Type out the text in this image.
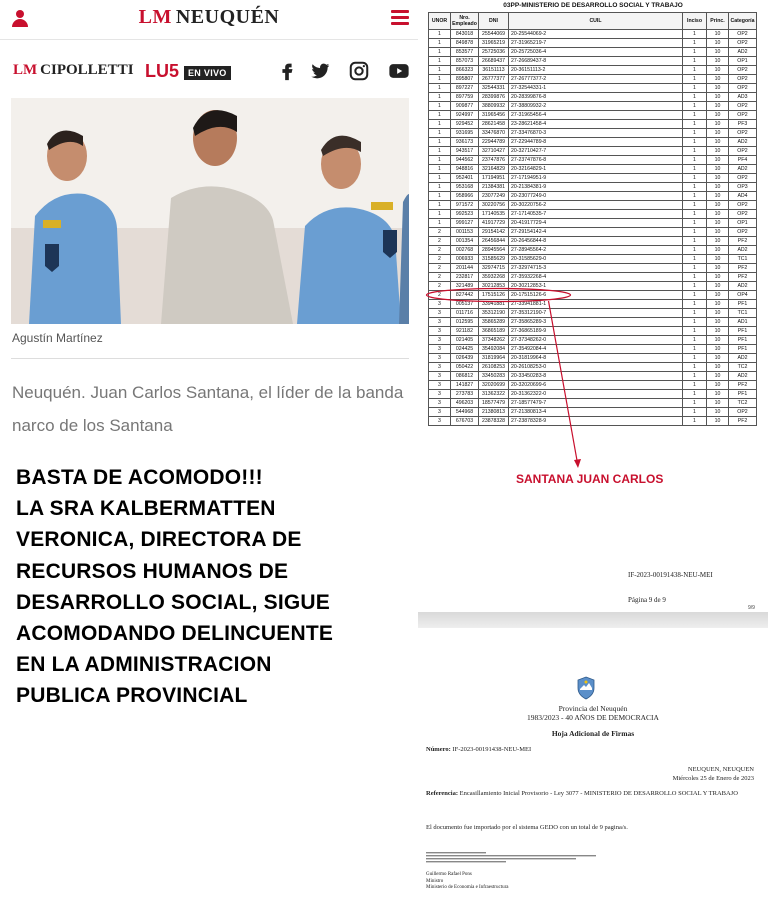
LM NEUQUÉN
LM CIPOLLETTI LU5 EN VIVO
Agustín Martínez
Neuquén. Juan Carlos Santana, el líder de la banda narco de los Santana
BASTA DE ACOMODO!!!
LA SRA KALBERMATTEN
VERONICA, DIRECTORA DE
RECURSOS HUMANOS DE
DESARROLLO SOCIAL, SIGUE
ACOMODANDO DELINCUENTE
EN LA ADMINISTRACION
PUBLICA PROVINCIAL
03PP-MINISTERIO DE DESARROLLO SOCIAL Y TRABAJO
UNOR	Nro. Empleado	DNI	CUIL	Inciso	Princ.	Categoría
1	843018	25544069	20-25544069-2	1	10	OP2
1	849878	31965219	27-31965219-7	1	10	OP2
1	853577	25725036	20-25725036-4	1	10	AD2
1	857073	26689437	27-26689437-8	1	10	OP1
1	866323	36151113	20-36151113-2	1	10	OP2
1	895807	26777377	27-26777377-2	1	10	OP2
1	897227	32544331	27-32544331-1	1	10	OP2
1	897759	28399876	20-28399876-8	1	10	AD3
1	909877	38809932	27-38809932-2	1	10	OP2
1	924997	31965456	27-31965456-4	1	10	OP2
1	929452	28621458	23-28621458-4	1	10	PF3
1	931695	33476870	27-33476870-3	1	10	OP2
1	936173	22944789	27-22944789-8	1	10	AD2
1	943517	32710427	20-32710427-7	1	10	OP2
1	944562	23747876	27-23747876-8	1	10	PF4
1	948816	32164829	20-32164829-1	1	10	AD2
1	952401	17194951	27-17194951-9	1	10	OP2
1	953168	21384381	20-21384381-9	1	10	OP3
1	958966	23077249	20-23077249-0	1	10	AD4
1	971572	30220756	20-30220756-2	1	10	OP2
1	992523	17140535	27-17140535-7	1	10	OP2
1	999127	41917729	20-41917729-4	1	10	OP1
2	001153	29154142	27-29154142-4	1	10	OP2
2	001354	26456844	20-26456844-8	1	10	PF2
2	002768	28945564	27-28945564-2	1	10	AD2
2	006933	31585629	20-31585629-0	1	10	TC1
2	201144	32974715	27-32974715-3	1	10	PF2
2	232817	35932268	27-35932268-4	1	10	PF2
2	321489	30212853	20-30212853-1	1	10	AD2
2	827442	17515126	20-17515126-6	1	10	OP4
3	005137	33941881	27-33941881-1	1	10	PF1
3	011716	35312190	27-35312190-7	1	10	TC1
3	012595	35865289	27-35865289-3	1	10	AD1
3	921182	36865189	27-36865189-9	1	10	PF1
3	021405	37348262	27-37348262-0	1	10	PF1
3	024425	35492084	27-35492084-4	1	10	PF1
3	026439	31819964	20-31819964-8	1	10	AD2
3	050422	26108253	20-26108253-0	1	10	TC2
3	086812	33450283	20-33450283-8	1	10	AD2
3	141827	32020699	20-32020699-6	1	10	PF2
3	273783	31362322	20-31362322-0	1	10	PF1
3	496203	18577479	27-18577479-7	1	10	TC2
3	544968	21380813	27-21380813-4	1	10	OP2
3	676703	23878328	27-23878328-9	1	10	PF2
SANTANA JUAN CARLOS
IF-2023-00191438-NEU-MEI
Página 9 de 9
9/9
Provincia del Neuquén
1983/2023 - 40 AÑOS DE DEMOCRACIA
Hoja Adicional de Firmas
Número: IF-2023-00191438-NEU-MEI
NEUQUEN, NEUQUEN
Miércoles 25 de Enero de 2023
Referencia: Encasillamiento Inicial Provisorio - Ley 3077 - MINISTERIO DE DESARROLLO SOCIAL Y TRABAJO
El documento fue importado por el sistema GEDO con un total de 9 pagina/s.
Guillermo Rafael Pons
Ministro
Ministerio de Economía e Infraestructura
